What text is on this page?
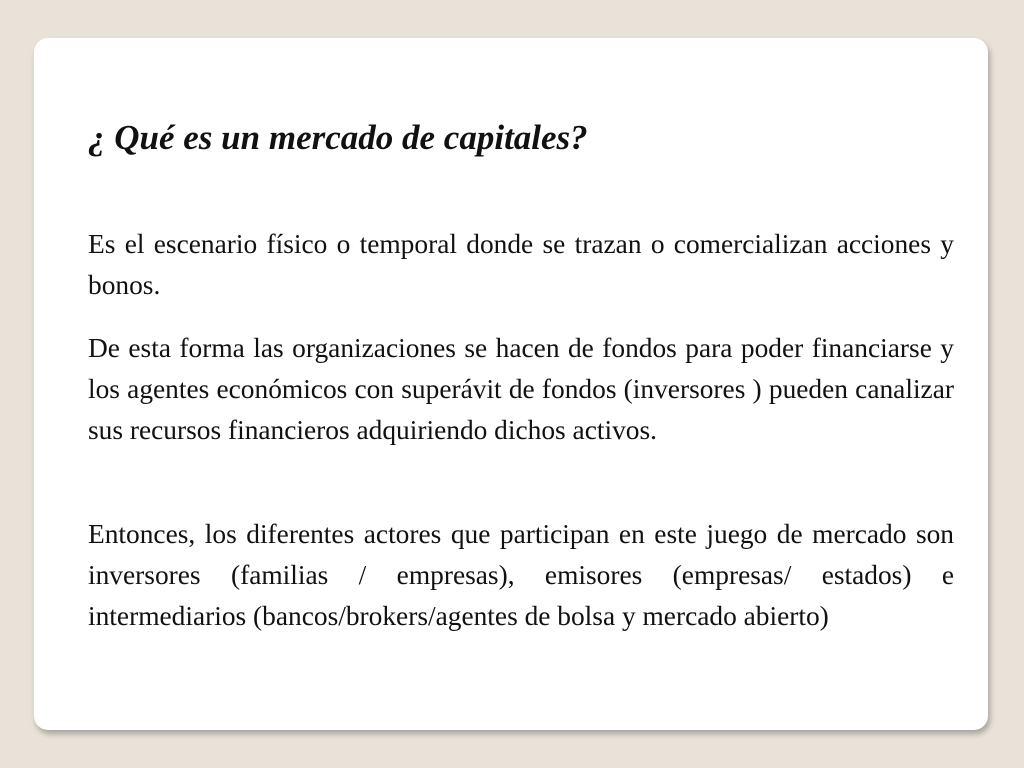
¿ Qué es un mercado de capitales?

Es el escenario físico o temporal donde se trazan o comercializan acciones y bonos.

De esta forma las organizaciones se hacen de fondos para poder financiarse y los agentes económicos con superávit de fondos (inversores ) pueden canalizar sus recursos financieros adquiriendo dichos activos.

Entonces, los diferentes actores que participan en este juego de mercado son inversores (familias / empresas), emisores (empresas/ estados) e intermediarios (bancos/brokers/agentes de bolsa y mercado abierto)
